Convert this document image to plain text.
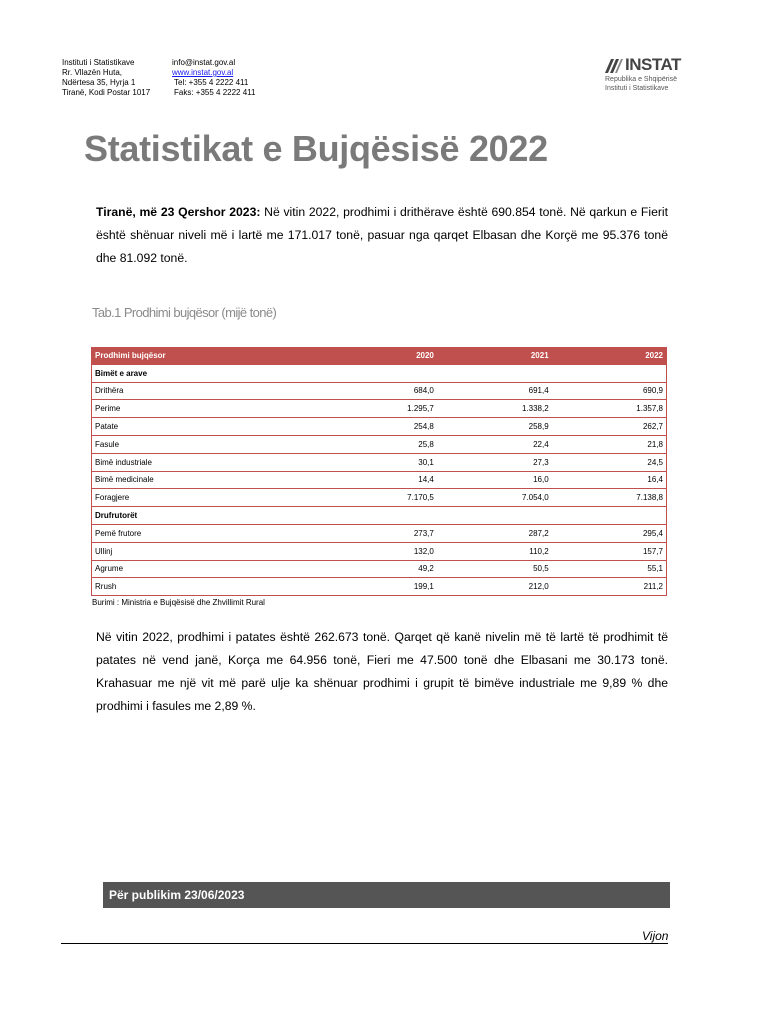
Instituti i Statistikave
Rr. Vllazën Huta,
Ndërtesa 35, Hyrja 1
Tiranë, Kodi Postar 1017
info@instat.gov.al
www.instat.gov.al
Tel: +355 4 2222 411
Faks: +355 4 2222 411
INSTAT
Republika e Shqipërisë
Instituti i Statistikave
Statistikat e Bujqësisë 2022
Tiranë, më 23 Qershor 2023: Në vitin 2022, prodhimi i drithërave është 690.854 tonë. Në qarkun e Fierit është shënuar niveli më i lartë me 171.017 tonë, pasuar nga qarqet Elbasan dhe Korçë me 95.376 tonë dhe 81.092 tonë.
Tab.1 Prodhimi bujqësor (mijë tonë)
Prodhimi bujqësor	2020	2021	2022
Bimët e arave			
Drithëra	684,0	691,4	690,9
Perime	1.295,7	1.338,2	1.357,8
Patate	254,8	258,9	262,7
Fasule	25,8	22,4	21,8
Bimë industriale	30,1	27,3	24,5
Bimë medicinale	14,4	16,0	16,4
Foragjere	7.170,5	7.054,0	7.138,8
Drufrutorët			
Pemë frutore	273,7	287,2	295,4
Ullinj	132,0	110,2	157,7
Agrume	49,2	50,5	55,1
Rrush	199,1	212,0	211,2
Burimi : Ministria e Bujqësisë dhe Zhvillimit Rural
Në vitin 2022, prodhimi i patates është 262.673 tonë. Qarqet që kanë nivelin më të lartë të prodhimit të patates në vend janë, Korça me 64.956 tonë, Fieri me 47.500 tonë dhe Elbasani me 30.173 tonë. Krahasuar me një vit më parë ulje ka shënuar prodhimi i grupit të bimëve industriale me 9,89 % dhe prodhimi i fasules me 2,89 %.
Për publikim 23/06/2023
Vijon
